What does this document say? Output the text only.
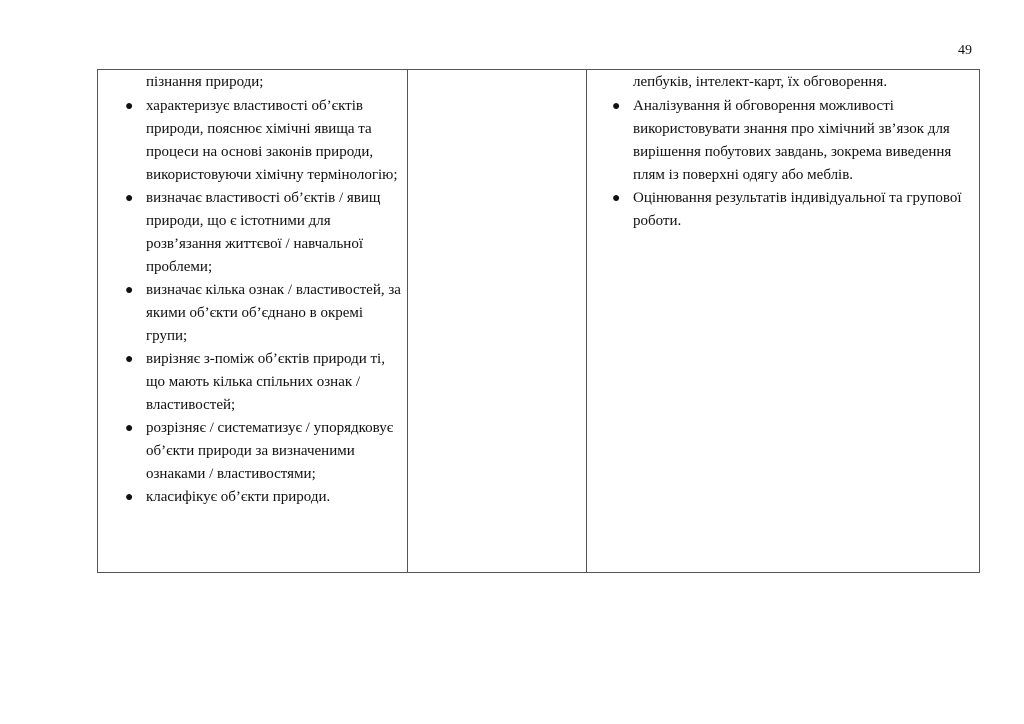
49
пізнання природи;
● характеризує властивості об’єктів природи, пояснює хімічні явища та процеси на основі законів природи, використовуючи хімічну термінологію;
● визначає властивості об’єктів / явищ природи, що є істотними для розв’язання життєвої / навчальної проблеми;
● визначає кілька ознак / властивостей, за якими об’єкти об’єднано в окремі групи;
● вирізняє з-поміж об’єктів природи ті, що мають кілька спільних ознак / властивостей;
● розрізняє / систематизує / упорядковує об’єкти природи за визначеними ознаками / властивостями;
● класифікує об’єкти природи.
лепбуків, інтелект-карт, їх обговорення.
● Аналізування й обговорення можливості використовувати знання про хімічний зв’язок для вирішення побутових завдань, зокрема виведення плям із поверхні одягу або меблів.
● Оцінювання результатів індивідуальної та групової роботи.
